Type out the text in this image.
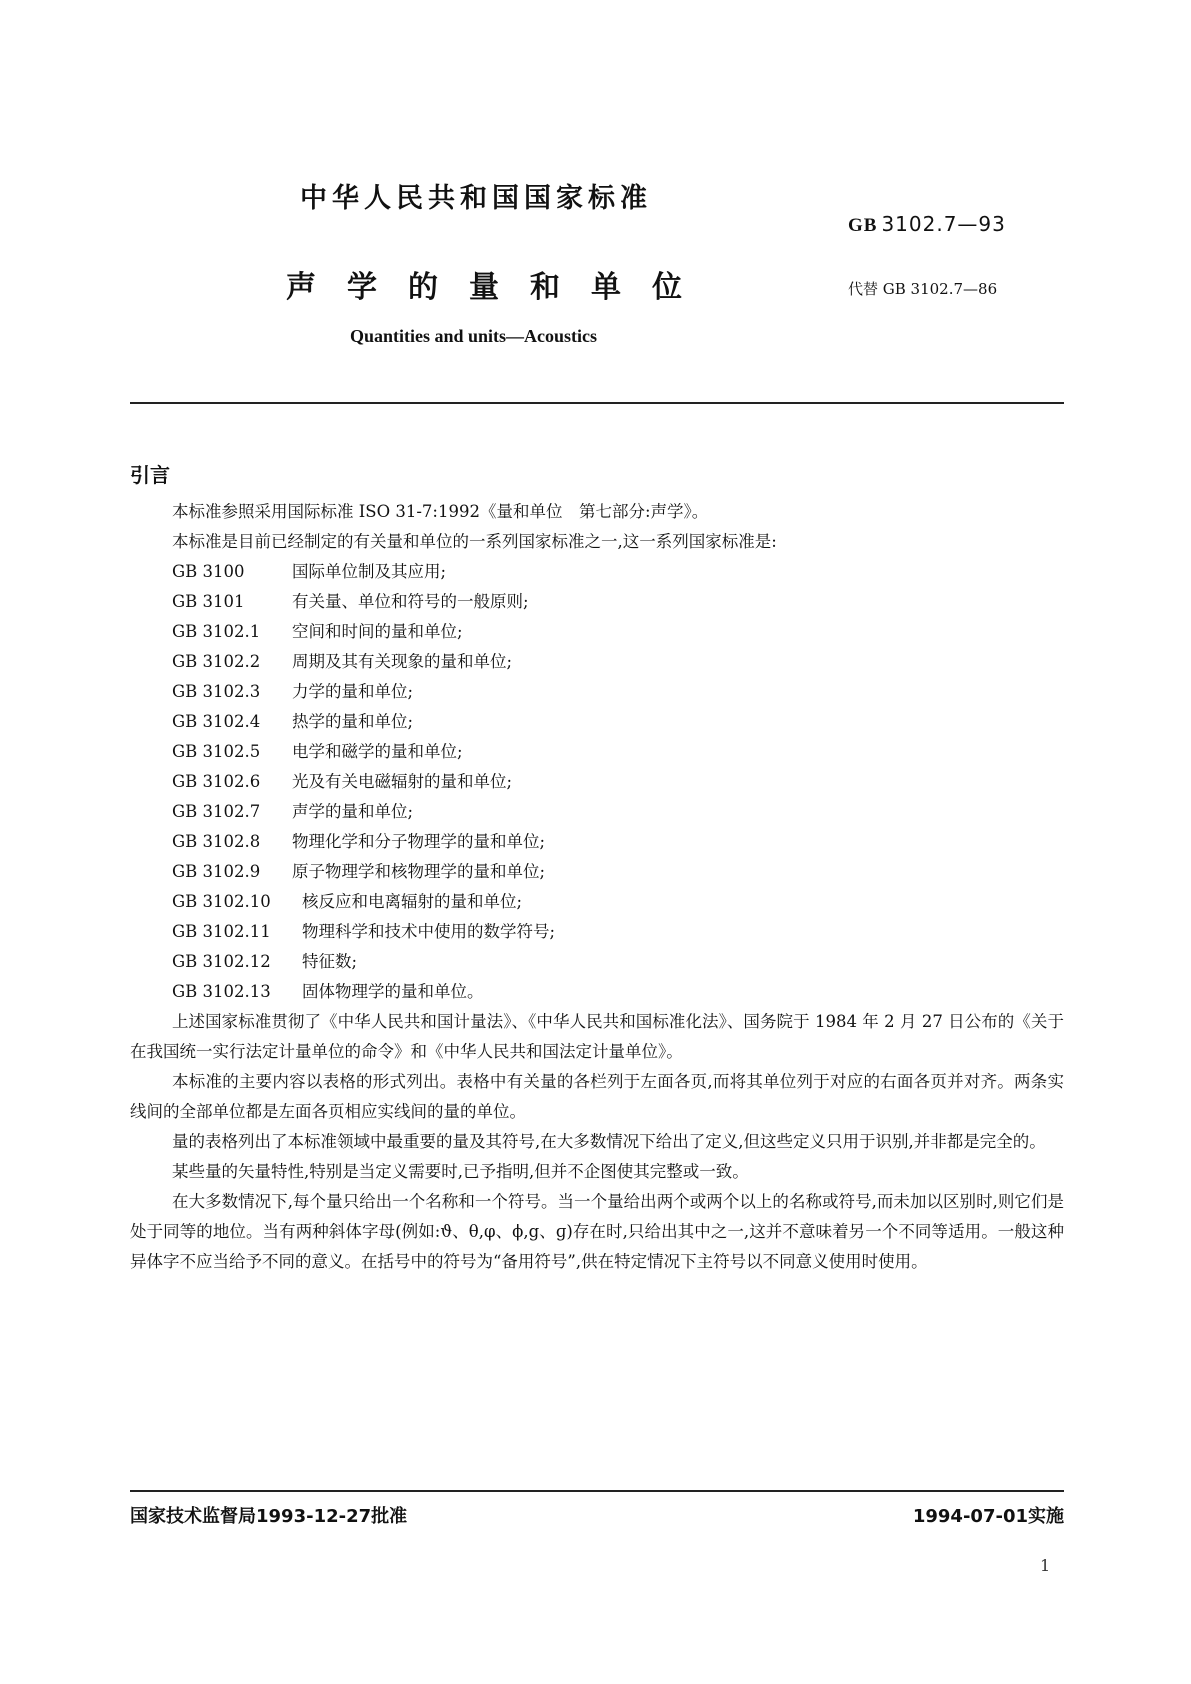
中华人民共和国国家标准
GB 3102.7—93
声学的量和单位	代替 GB 3102.7—86
Quantities and units—Acoustics
引言

本标准参照采用国际标准 ISO 31-7:1992《量和单位　第七部分:声学》。

本标准是目前已经制定的有关量和单位的一系列国家标准之一,这一系列国家标准是:

GB 3100	国际单位制及其应用;
GB 3101	有关量、单位和符号的一般原则;
GB 3102.1	空间和时间的量和单位;
GB 3102.2	周期及其有关现象的量和单位;
GB 3102.3	力学的量和单位;
GB 3102.4	热学的量和单位;
GB 3102.5	电学和磁学的量和单位;
GB 3102.6	光及有关电磁辐射的量和单位;
GB 3102.7	声学的量和单位;
GB 3102.8	物理化学和分子物理学的量和单位;
GB 3102.9	原子物理学和核物理学的量和单位;
GB 3102.10	核反应和电离辐射的量和单位;
GB 3102.11	物理科学和技术中使用的数学符号;
GB 3102.12	特征数;
GB 3102.13	固体物理学的量和单位。

上述国家标准贯彻了《中华人民共和国计量法》、《中华人民共和国标准化法》、国务院于 1984 年 2 月 27 日公布的《关于在我国统一实行法定计量单位的命令》和《中华人民共和国法定计量单位》。

本标准的主要内容以表格的形式列出。表格中有关量的各栏列于左面各页,而将其单位列于对应的右面各页并对齐。两条实线间的全部单位都是左面各页相应实线间的量的单位。

量的表格列出了本标准领域中最重要的量及其符号,在大多数情况下给出了定义,但这些定义只用于识别,并非都是完全的。

某些量的矢量特性,特别是当定义需要时,已予指明,但并不企图使其完整或一致。

在大多数情况下,每个量只给出一个名称和一个符号。当一个量给出两个或两个以上的名称或符号,而未加以区别时,则它们是处于同等的地位。当有两种斜体字母(例如:ϑ、θ,φ、ϕ,g、ɡ)存在时,只给出其中之一,这并不意味着另一个不同等适用。一般这种异体字不应当给予不同的意义。在括号中的符号为“备用符号”,供在特定情况下主符号以不同意义使用时使用。

国家技术监督局1993-12-27批准	1994-07-01实施
1
